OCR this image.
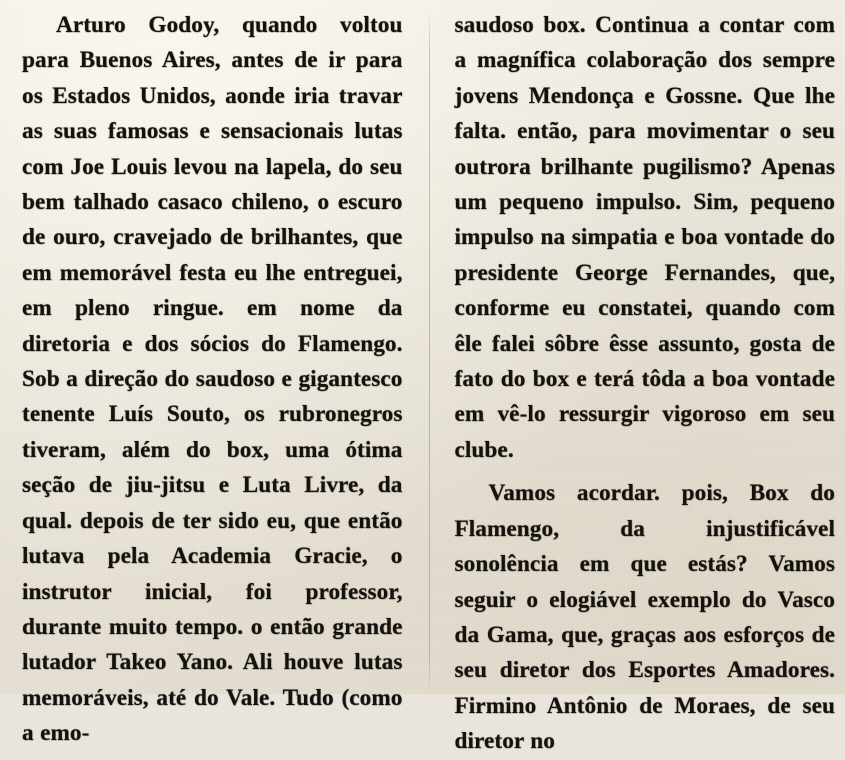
Arturo Godoy, quando voltou para Buenos Aires, antes de ir para os Estados Unidos, aonde iria travar as suas famosas e sensacionais lutas com Joe Louis levou na lapela, do seu bem talhado casaco chileno, o escuro de ouro, cravejado de brilhantes, que em memorável festa eu lhe entreguei, em pleno ringue. em nome da diretoria e dos sócios do Flamengo. Sob a direção do saudoso e gigantesco tenente Luís Souto, os rubronegros tiveram, além do box, uma ótima seção de jiu-jitsu e Luta Livre, da qual. depois de ter sido eu, que então lutava pela Academia Gracie, o instrutor inicial, foi professor, durante muito tempo. o então grande lutador Takeo Yano. Ali houve lutas memoráveis, até do Vale. Tudo (como a emo-

saudoso box. Continua a contar com a magnífica colaboração dos sempre jovens Mendonça e Gossne. Que lhe falta. então, para movimentar o seu outrora brilhante pugilismo? Apenas um pequeno impulso. Sim, pequeno impulso na simpatia e boa vontade do presidente George Fernandes, que, conforme eu constatei, quando com êle falei sôbre êsse assunto, gosta de fato do box e terá tôda a boa vontade em vê-lo ressurgir vigoroso em seu clube.

Vamos acordar. pois, Box do Flamengo, da injustificável sonolência em que estás? Vamos seguir o elogiável exemplo do Vasco da Gama, que, graças aos esforços de seu diretor dos Esportes Amadores. Firmino Antônio de Moraes, de seu diretor no
